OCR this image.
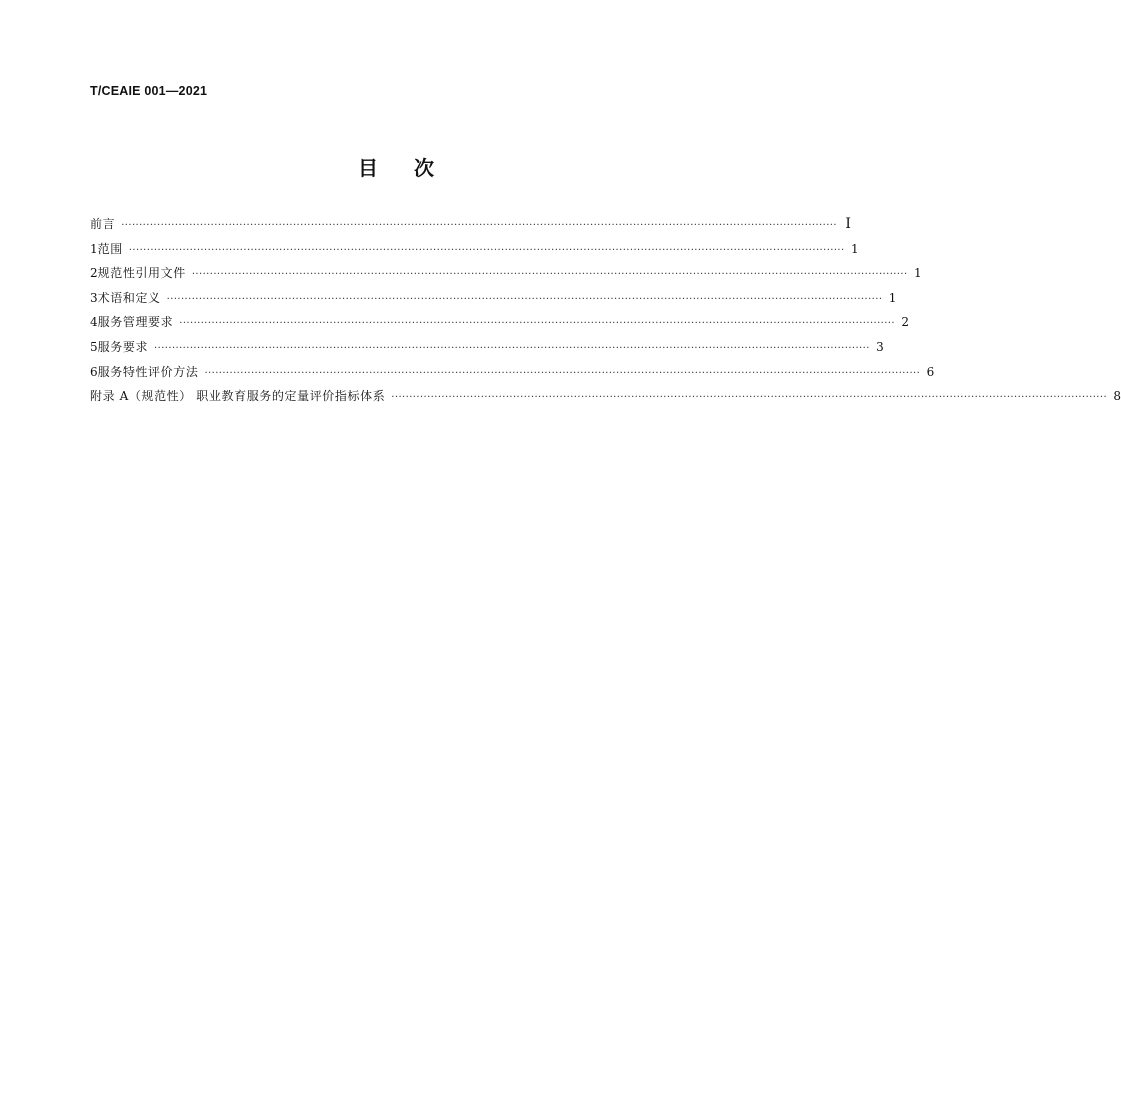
T/CEAIE 001—2021
目 次
前言 ········································································································································································································ I
1 范围 ········································································································································································································ 1
2 规范性引用文件 ········································································································································································································ 1
3 术语和定义 ········································································································································································································ 1
4 服务管理要求 ········································································································································································································ 2
5 服务要求 ········································································································································································································ 3
6 服务特性评价方法 ········································································································································································································ 6
附录 A（规范性） 职业教育服务的定量评价指标体系 ········································································································································································································ 8
